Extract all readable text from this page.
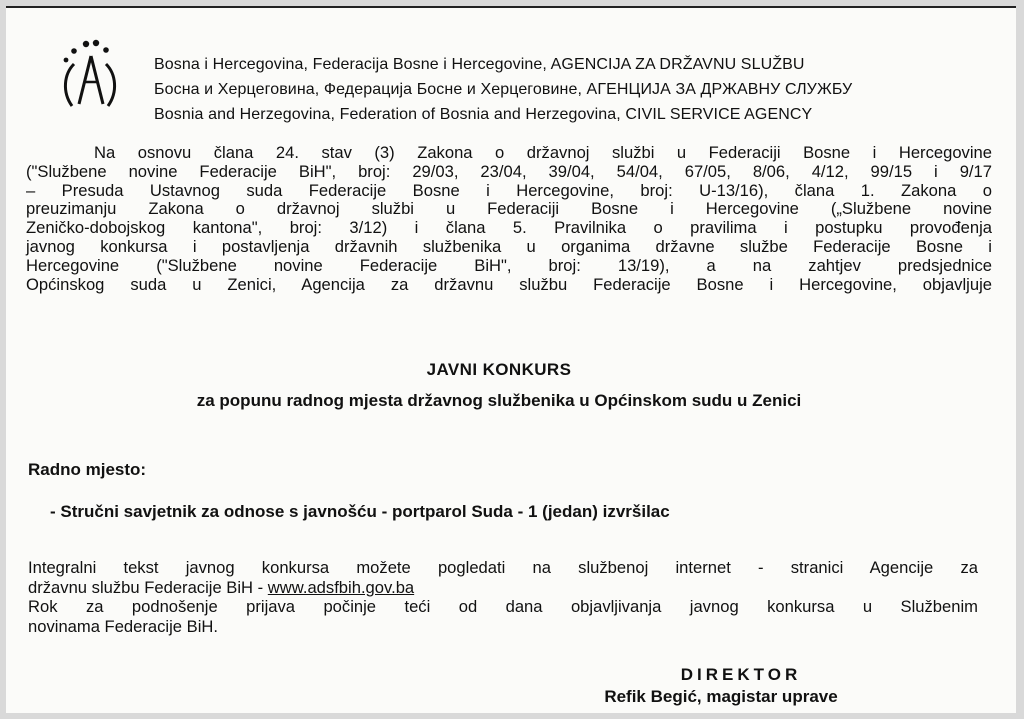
Bosna i Hercegovina, Federacija Bosne i Hercegovine, AGENCIJA ZA DRŽAVNU SLUŽBU
Босна и Херцеговина, Федерација Босне и Херцеговине, АГЕНЦИЈА ЗА ДРЖАВНУ СЛУЖБУ
Bosnia and Herzegovina, Federation of Bosnia and Herzegovina, CIVIL SERVICE AGENCY
Na osnovu člana 24. stav (3) Zakona o državnoj službi u Federaciji Bosne i Hercegovine
("Službene novine Federacije BiH", broj: 29/03, 23/04, 39/04, 54/04, 67/05, 8/06, 4/12, 99/15 i 9/17
– Presuda Ustavnog suda Federacije Bosne i Hercegovine, broj: U-13/16), člana 1. Zakona o
preuzimanju Zakona o državnoj službi u Federaciji Bosne i Hercegovine („Službene novine
Zeničko-dobojskog kantona", broj: 3/12) i člana 5. Pravilnika o pravilima i postupku provođenja
javnog konkursa i postavljenja državnih službenika u organima državne službe Federacije Bosne i
Hercegovine ("Službene novine Federacije BiH", broj: 13/19), a na zahtjev predsjednice
Općinskog suda u Zenici, Agencija za državnu službu Federacije Bosne i Hercegovine, objavljuje
JAVNI KONKURS
za popunu radnog mjesta državnog službenika u Općinskom sudu u Zenici
Radno mjesto:
- Stručni savjetnik za odnose s javnošću - portparol Suda - 1 (jedan) izvršilac
Integralni tekst javnog konkursa možete pogledati na službenoj internet - stranici Agencije za
državnu službu Federacije BiH - www.adsfbih.gov.ba
Rok za podnošenje prijava počinje teći od dana objavljivanja javnog konkursa u Službenim
novinama Federacije BiH.
DIREKTOR
Refik Begić, magistar uprave
